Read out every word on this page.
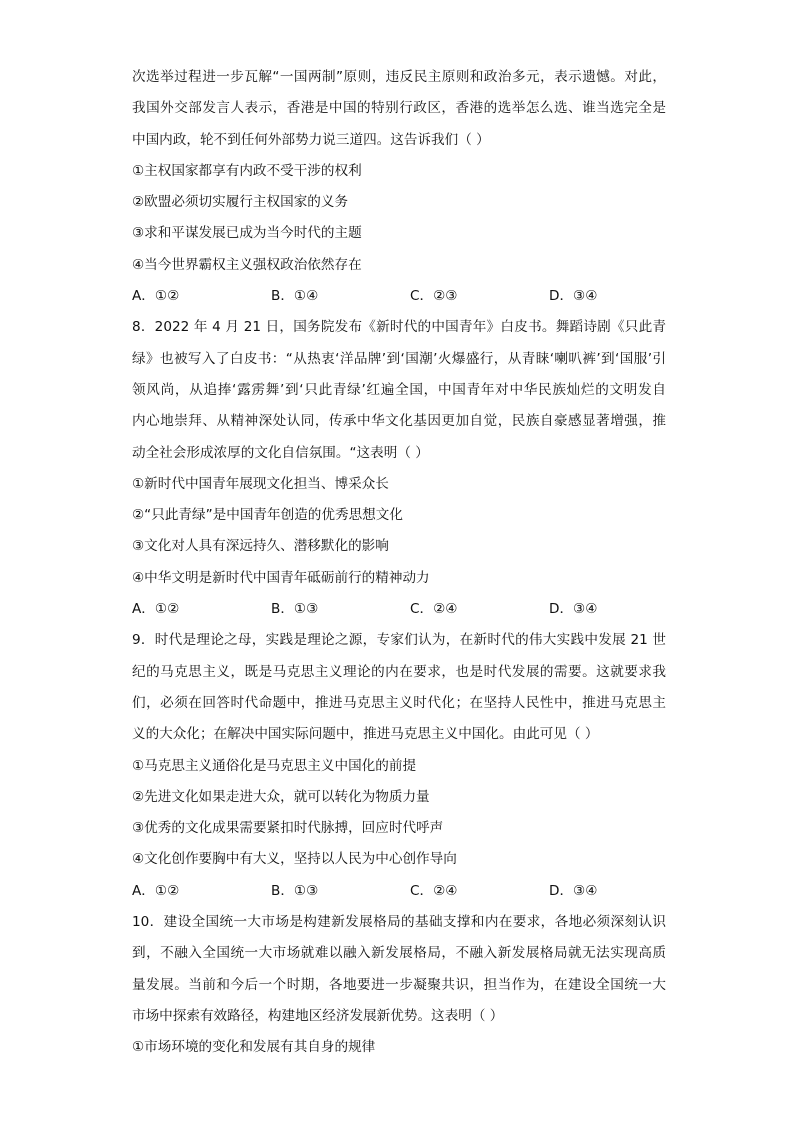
次选举过程进一步瓦解“一国两制”原则，违反民主原则和政治多元，表示遗憾。对此，
我国外交部发言人表示，香港是中国的特别行政区，香港的选举怎么选、谁当选完全是
中国内政，轮不到任何外部势力说三道四。这告诉我们（ ）
①主权国家都享有内政不受干涉的权利
②欧盟必须切实履行主权国家的义务
③求和平谋发展已成为当今时代的主题
④当今世界霸权主义强权政治依然存在
A．①②	B．①④	C．②③	D．③④
8．2022 年 4 月 21 日，国务院发布《新时代的中国青年》白皮书。舞蹈诗剧《只此青
绿》也被写入了白皮书：“从热衷‘洋品牌’到‘国潮’火爆盛行，从青睐‘喇叭裤’到‘国服’引
领风尚，从追捧‘露雳舞’到‘只此青绿’红遍全国，中国青年对中华民族灿烂的文明发自
内心地崇拜、从精神深处认同，传承中华文化基因更加自觉，民族自豪感显著增强，推
动全社会形成浓厚的文化自信氛围。“这表明（ ）
①新时代中国青年展现文化担当、博采众长
②“只此青绿”是中国青年创造的优秀思想文化
③文化对人具有深远持久、潜移默化的影响
④中华文明是新时代中国青年砥砺前行的精神动力
A．①②	B．①③	C．②④	D．③④
9．时代是理论之母，实践是理论之源，专家们认为，在新时代的伟大实践中发展 21 世
纪的马克思主义，既是马克思主义理论的内在要求，也是时代发展的需要。这就要求我
们，必须在回答时代命题中，推进马克思主义时代化；在坚持人民性中，推进马克思主
义的大众化；在解决中国实际问题中，推进马克思主义中国化。由此可见（ ）
①马克思主义通俗化是马克思主义中国化的前提
②先进文化如果走进大众，就可以转化为物质力量
③优秀的文化成果需要紧扣时代脉搏，回应时代呼声
④文化创作要胸中有大义，坚持以人民为中心创作导向
A．①②	B．①③	C．②④	D．③④
10．建设全国统一大市场是构建新发展格局的基础支撑和内在要求，各地必须深刻认识
到，不融入全国统一大市场就难以融入新发展格局，不融入新发展格局就无法实现高质
量发展。当前和今后一个时期，各地要进一步凝聚共识，担当作为，在建设全国统一大
市场中探索有效路径，构建地区经济发展新优势。这表明（ ）
①市场环境的变化和发展有其自身的规律
